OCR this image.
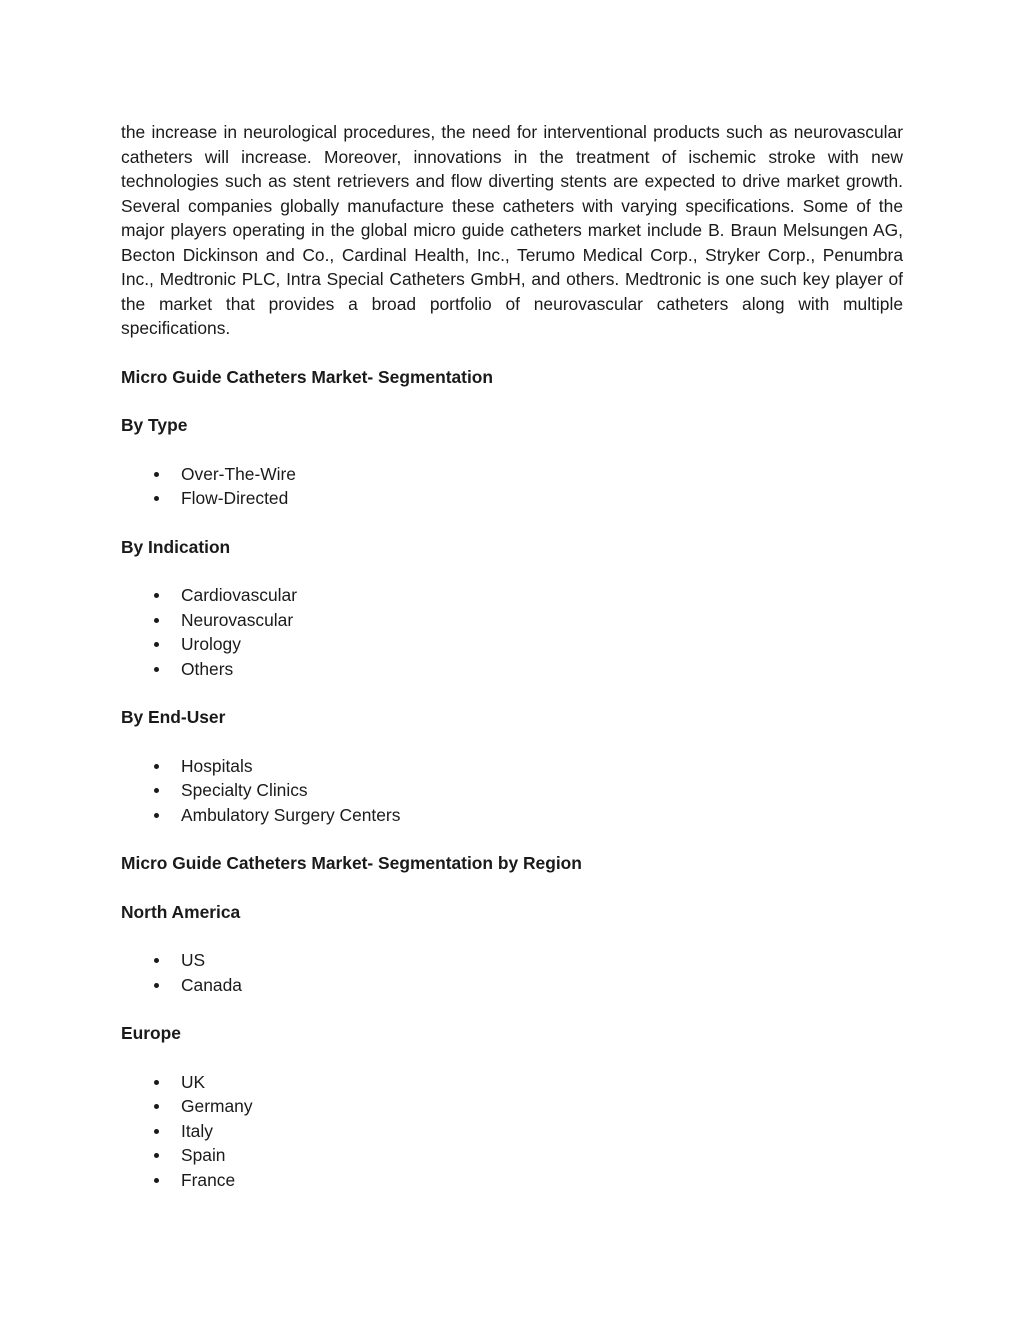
the increase in neurological procedures, the need for interventional products such as neurovascular catheters will increase. Moreover, innovations in the treatment of ischemic stroke with new technologies such as stent retrievers and flow diverting stents are expected to drive market growth. Several companies globally manufacture these catheters with varying specifications. Some of the major players operating in the global micro guide catheters market include B. Braun Melsungen AG, Becton Dickinson and Co., Cardinal Health, Inc., Terumo Medical Corp., Stryker Corp., Penumbra Inc., Medtronic PLC, Intra Special Catheters GmbH, and others. Medtronic is one such key player of the market that provides a broad portfolio of neurovascular catheters along with multiple specifications.

Micro Guide Catheters Market- Segmentation

By Type

Over-The-Wire
Flow-Directed

By Indication

Cardiovascular
Neurovascular
Urology
Others

By End-User

Hospitals
Specialty Clinics
Ambulatory Surgery Centers

Micro Guide Catheters Market- Segmentation by Region

North America

US
Canada

Europe

UK
Germany
Italy
Spain
France
